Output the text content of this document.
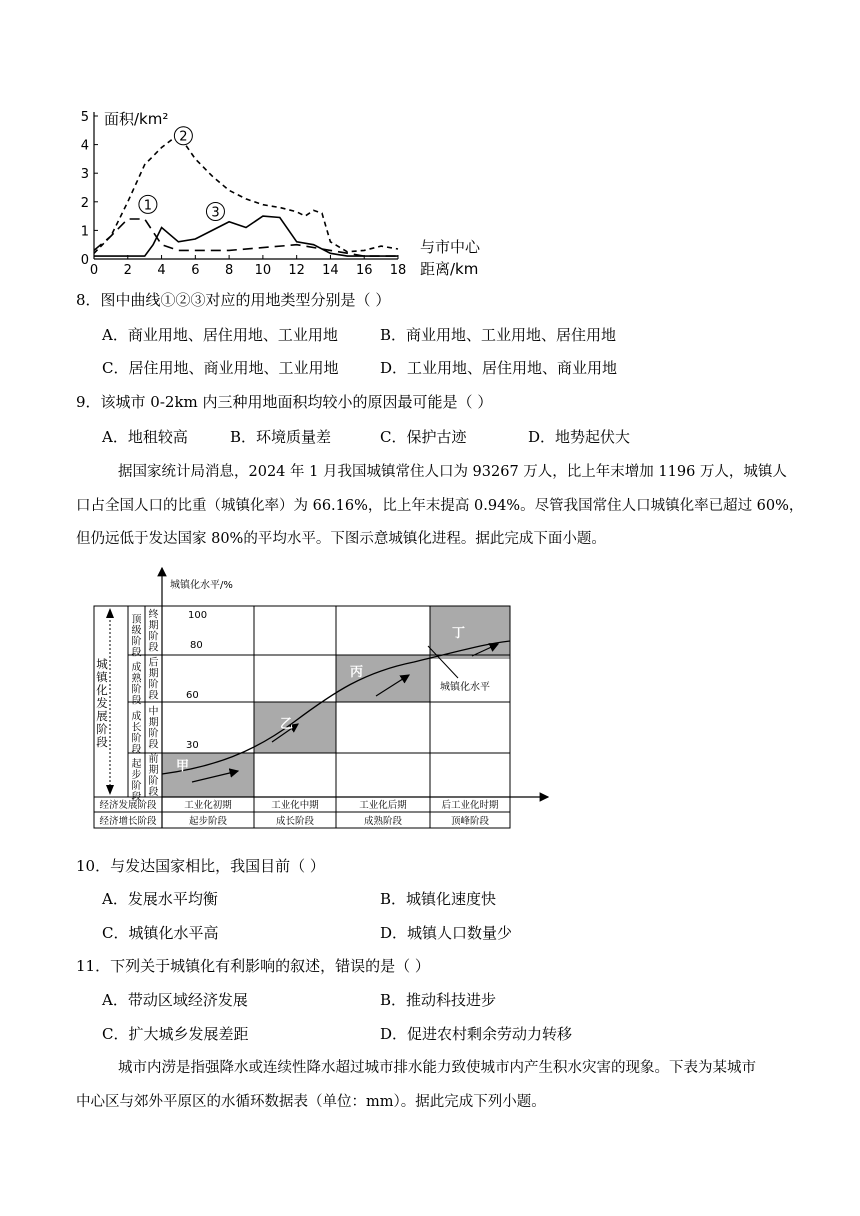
0 2 4 6 8 10 12 14 16 18
0
1
2
3
4
5
1
2
3
面积/km²
与市中心
距离/km
8．图中曲线①②③对应的用地类型分别是（ ）
A．商业用地、居住用地、工业用地	B．商业用地、工业用地、居住用地
C．居住用地、商业用地、工业用地	D．工业用地、居住用地、商业用地
9．该城市 0-2km 内三种用地面积均较小的原因最可能是（ ）
A．地租较高	B．环境质量差	C．保护古迹	D．地势起伏大
据国家统计局消息，2024 年 1 月我国城镇常住人口为 93267 万人，比上年末增加 1196 万人，城镇人
口占全国人口的比重（城镇化率）为 66.16%，比上年末提高 0.94%。尽管我国常住人口城镇化率已超过 60%，
但仍远低于发达国家 80%的平均水平。下图示意城镇化进程。据此完成下面小题。
城镇化水平/%
100
80
60
30
城镇化水平
甲
乙
丙
丁
城
镇
化
发
展
阶
段
顶
级
阶
段
终
期
阶
段
成
熟
阶
段
后
期
阶
段
成
长
阶
段
中
期
阶
段
起
步
阶
段
前
期
阶
段
经济发展阶段	工业化初期	工业化中期	工业化后期	后工业化时期
经济增长阶段	起步阶段	成长阶段	成熟阶段	顶峰阶段
10．与发达国家相比，我国目前（ ）
A．发展水平均衡	B．城镇化速度快
C．城镇化水平高	D．城镇人口数量少
11．下列关于城镇化有利影响的叙述，错误的是（ ）
A．带动区域经济发展	B．推动科技进步
C．扩大城乡发展差距	D．促进农村剩余劳动力转移
城市内涝是指强降水或连续性降水超过城市排水能力致使城市内产生积水灾害的现象。下表为某城市
中心区与郊外平原区的水循环数据表（单位：mm）。据此完成下列小题。
